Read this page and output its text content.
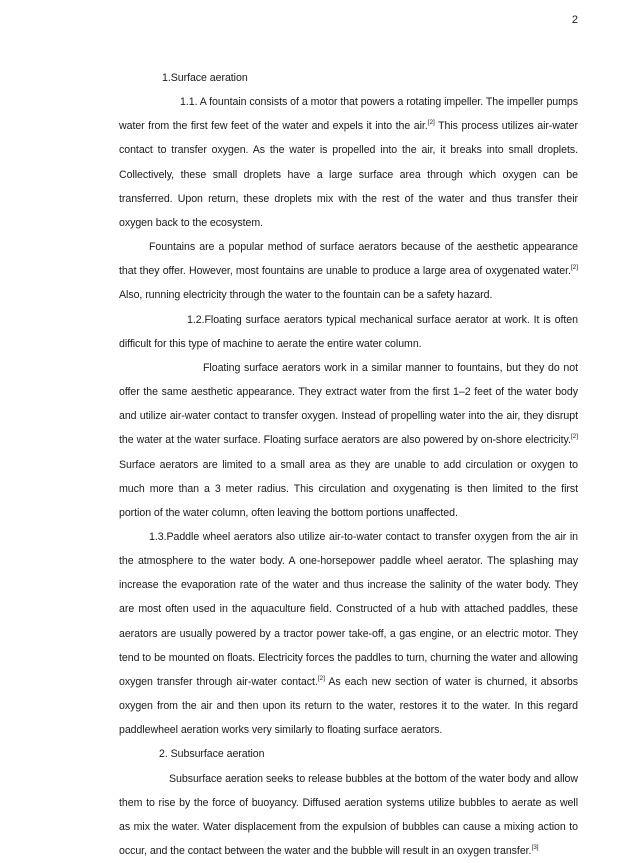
2

1.Surface aeration

1.1. A fountain consists of a motor that powers a rotating impeller. The impeller pumps water from the first few feet of the water and expels it into the air.[2] This process utilizes air-water contact to transfer oxygen. As the water is propelled into the air, it breaks into small droplets. Collectively, these small droplets have a large surface area through which oxygen can be transferred. Upon return, these droplets mix with the rest of the water and thus transfer their oxygen back to the ecosystem.

Fountains are a popular method of surface aerators because of the aesthetic appearance that they offer. However, most fountains are unable to produce a large area of oxygenated water.[2] Also, running electricity through the water to the fountain can be a safety hazard.

1.2.Floating surface aerators typical mechanical surface aerator at work. It is often difficult for this type of machine to aerate the entire water column.

Floating surface aerators work in a similar manner to fountains, but they do not offer the same aesthetic appearance. They extract water from the first 1–2 feet of the water body and utilize air-water contact to transfer oxygen. Instead of propelling water into the air, they disrupt the water at the water surface. Floating surface aerators are also powered by on-shore electricity.[2] Surface aerators are limited to a small area as they are unable to add circulation or oxygen to much more than a 3 meter radius. This circulation and oxygenating is then limited to the first portion of the water column, often leaving the bottom portions unaffected.

1.3.Paddle wheel aerators also utilize air-to-water contact to transfer oxygen from the air in the atmosphere to the water body. A one-horsepower paddle wheel aerator. The splashing may increase the evaporation rate of the water and thus increase the salinity of the water body. They are most often used in the aquaculture field. Constructed of a hub with attached paddles, these aerators are usually powered by a tractor power take-off, a gas engine, or an electric motor. They tend to be mounted on floats. Electricity forces the paddles to turn, churning the water and allowing oxygen transfer through air-water contact.[2] As each new section of water is churned, it absorbs oxygen from the air and then upon its return to the water, restores it to the water. In this regard paddlewheel aeration works very similarly to floating surface aerators.

2. Subsurface aeration

Subsurface aeration seeks to release bubbles at the bottom of the water body and allow them to rise by the force of buoyancy. Diffused aeration systems utilize bubbles to aerate as well as mix the water. Water displacement from the expulsion of bubbles can cause a mixing action to occur, and the contact between the water and the bubble will result in an oxygen transfer.[3]
